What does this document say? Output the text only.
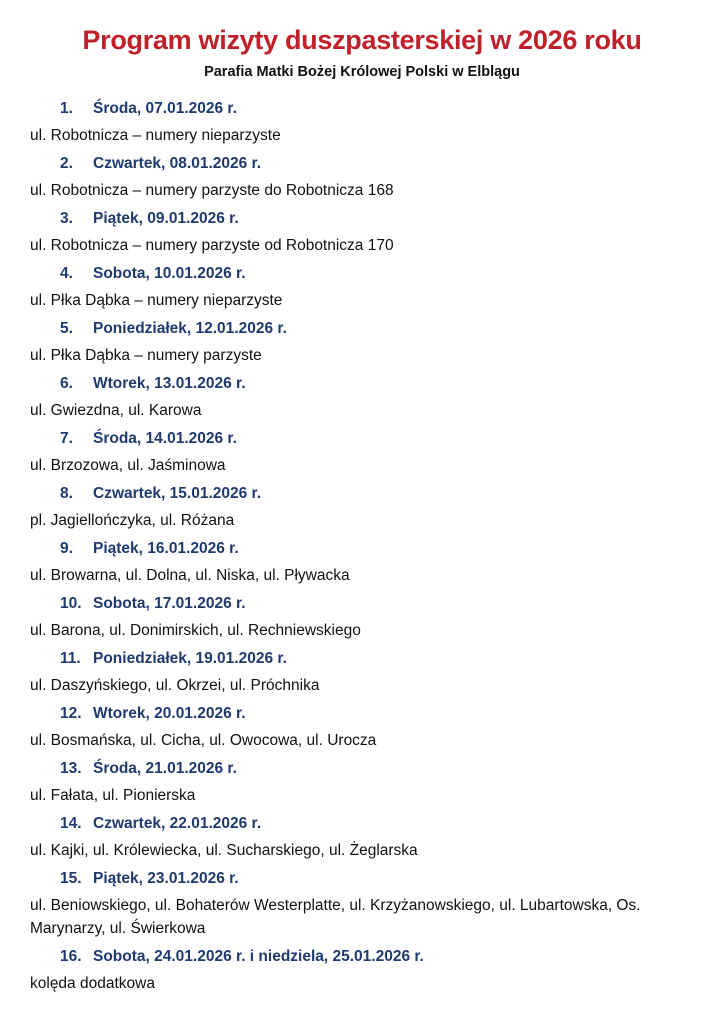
Program wizyty duszpasterskiej w 2026 roku
Parafia Matki Bożej Królowej Polski w Elblągu
1. Środa, 07.01.2026 r.
ul. Robotnicza – numery nieparzyste
2. Czwartek, 08.01.2026 r.
ul. Robotnicza – numery parzyste do Robotnicza 168
3. Piątek, 09.01.2026 r.
ul. Robotnicza – numery parzyste od Robotnicza 170
4. Sobota, 10.01.2026 r.
ul. Płka Dąbka – numery nieparzyste
5. Poniedziałek, 12.01.2026 r.
ul. Płka Dąbka – numery parzyste
6. Wtorek, 13.01.2026 r.
ul. Gwiezdna, ul. Karowa
7. Środa, 14.01.2026 r.
ul. Brzozowa, ul. Jaśminowa
8. Czwartek, 15.01.2026 r.
pl. Jagiellończyka, ul. Różana
9. Piątek, 16.01.2026 r.
ul. Browarna, ul. Dolna, ul. Niska, ul. Pływacka
10. Sobota, 17.01.2026 r.
ul. Barona, ul. Donimirskich, ul. Rechniewskiego
11. Poniedziałek, 19.01.2026 r.
ul. Daszyńskiego, ul. Okrzei, ul. Próchnika
12. Wtorek, 20.01.2026 r.
ul. Bosmańska, ul. Cicha, ul. Owocowa, ul. Urocza
13. Środa, 21.01.2026 r.
ul. Fałata, ul. Pionierska
14. Czwartek, 22.01.2026 r.
ul. Kajki, ul. Królewiecka, ul. Sucharskiego, ul. Żeglarska
15. Piątek, 23.01.2026 r.
ul. Beniowskiego, ul. Bohaterów Westerplatte, ul. Krzyżanowskiego, ul. Lubartowska, Os. Marynarzy, ul. Świerkowa
16. Sobota, 24.01.2026 r. i niedziela, 25.01.2026 r.
kolęda dodatkowa
